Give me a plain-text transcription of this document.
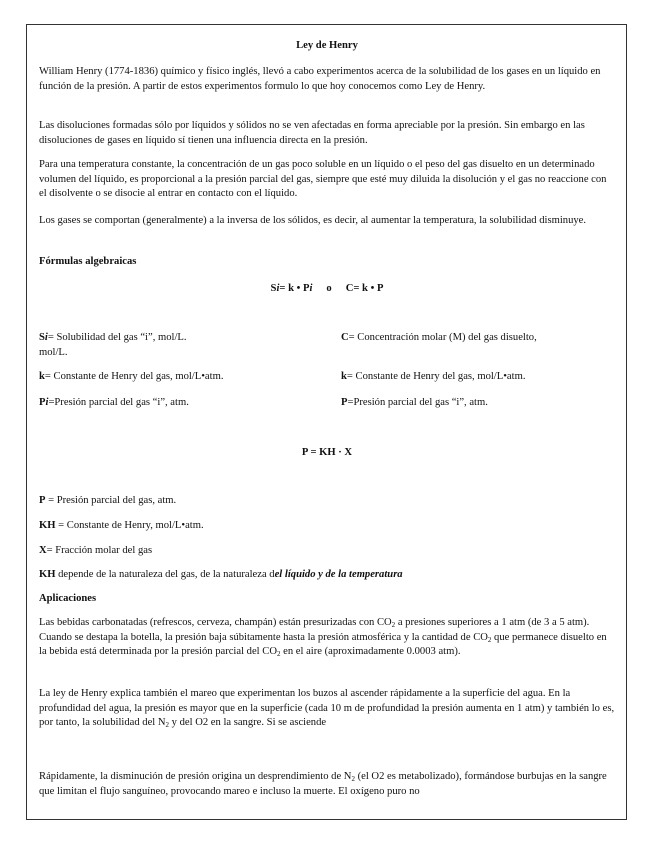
Ley de Henry

William Henry (1774-1836) químico y físico inglés, llevó a cabo experimentos acerca de la solubilidad de los gases en un líquido en función de la presión. A partir de estos experimentos formulo lo que hoy conocemos como Ley de Henry.

Las disoluciones formadas sólo por líquidos y sólidos no se ven afectadas en forma apreciable por la presión. Sin embargo en las disoluciones de gases en líquido sí tienen una influencia directa en la presión.

Para una temperatura constante, la concentración de un gas poco soluble en un líquido o el peso del gas disuelto en un determinado volumen del líquido, es proporcional a la presión parcial del gas, siempre que esté muy diluida la disolución y el gas no reaccione con el disolvente o se disocie al entrar en contacto con el líquido.

Los gases se comportan (generalmente) a la inversa de los sólidos, es decir, al aumentar la temperatura, la solubilidad disminuye.

Fórmulas algebraicas

Si= k • Pi o C= k • P

Si= Solubilidad del gas “i”, mol/L.
mol/L.

k= Constante de Henry del gas, mol/L•atm.

Pi=Presión parcial del gas “i”, atm.

C= Concentración molar (M) del gas disuelto,

k= Constante de Henry del gas, mol/L•atm.

P=Presión parcial del gas “i”, atm.

P = KH · X

P = Presión parcial del gas, atm.

KH = Constante de Henry, mol/L•atm.

X= Fracción molar del gas

KH depende de la naturaleza del gas, de la naturaleza del líquido y de la temperatura

Aplicaciones

Las bebidas carbonatadas (refrescos, cerveza, champán) están presurizadas con $CO_2$ a presiones superiores a 1 atm (de 3 a 5 atm). Cuando se destapa la botella, la presión baja súbitamente hasta la presión atmosférica y la cantidad de $CO_2$ que permanece disuelto en la bebida está determinada por la presión parcial del $CO_2$ en el aire (aproximadamente 0.0003 atm).

La ley de Henry explica también el mareo que experimentan los buzos al ascender rápidamente a la superficie del agua. En la profundidad del agua, la presión es mayor que en la superficie (cada 10 m de profundidad la presión aumenta en 1 atm) y también lo es, por tanto, la solubilidad del $N_2$ y del O2 en la sangre. Si se asciende

Rápidamente, la disminución de presión origina un desprendimiento de $N_2$ (el O2 es metabolizado), formándose burbujas en la sangre que limitan el flujo sanguíneo, provocando mareo e incluso la muerte. El oxígeno puro no
